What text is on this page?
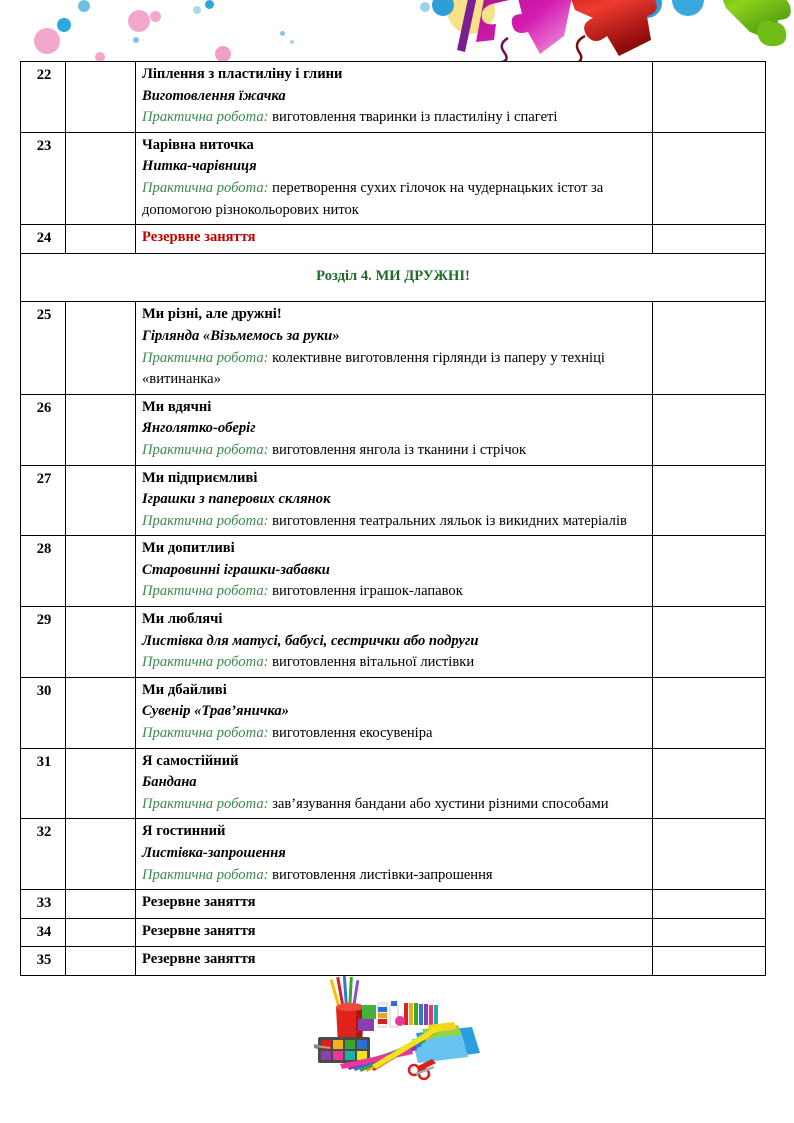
22		Ліплення з пластиліну і глини
Виготовлення їжачка
Практична робота: виготовлення тваринки із пластиліну і спагеті	

23		Чарівна ниточка
Нитка-чарівниця
Практична робота: перетворення сухих гілочок на чудернацьких істот за допомогою різнокольорових ниток	

24		Резервне заняття	

Розділ 4. МИ ДРУЖНІ!			
25		Ми різні, але дружні!
Гірлянда «Візьмемось за руки»
Практична робота: колективне виготовлення гірлянди із паперу у техніці «витинанка»	

26		Ми вдячні
Янголятко-оберіг
Практична робота: виготовлення янгола із тканини і стрічок	

27		Ми підприємливі
Іграшки з паперових склянок
Практична робота: виготовлення театральних ляльок із викидних матеріалів	

28		Ми допитливі
Старовинні іграшки-забавки
Практична робота: виготовлення іграшок-лапавок	

29		Ми люблячі
Листівка для матусі, бабусі, сестрички або подруги
Практична робота: виготовлення вітальної листівки	

30		Ми дбайливі
Сувенір «Трав’яничка»
Практична робота: виготовлення екосувеніра	

31		Я самостійний
Бандана
Практична робота: зав’язування бандани або хустини різними способами	

32		Я гостинний
Листівка-запрошення
Практична робота: виготовлення листівки-запрошення	

33		Резервне заняття	

34		Резервне заняття	

35		Резервне заняття	
